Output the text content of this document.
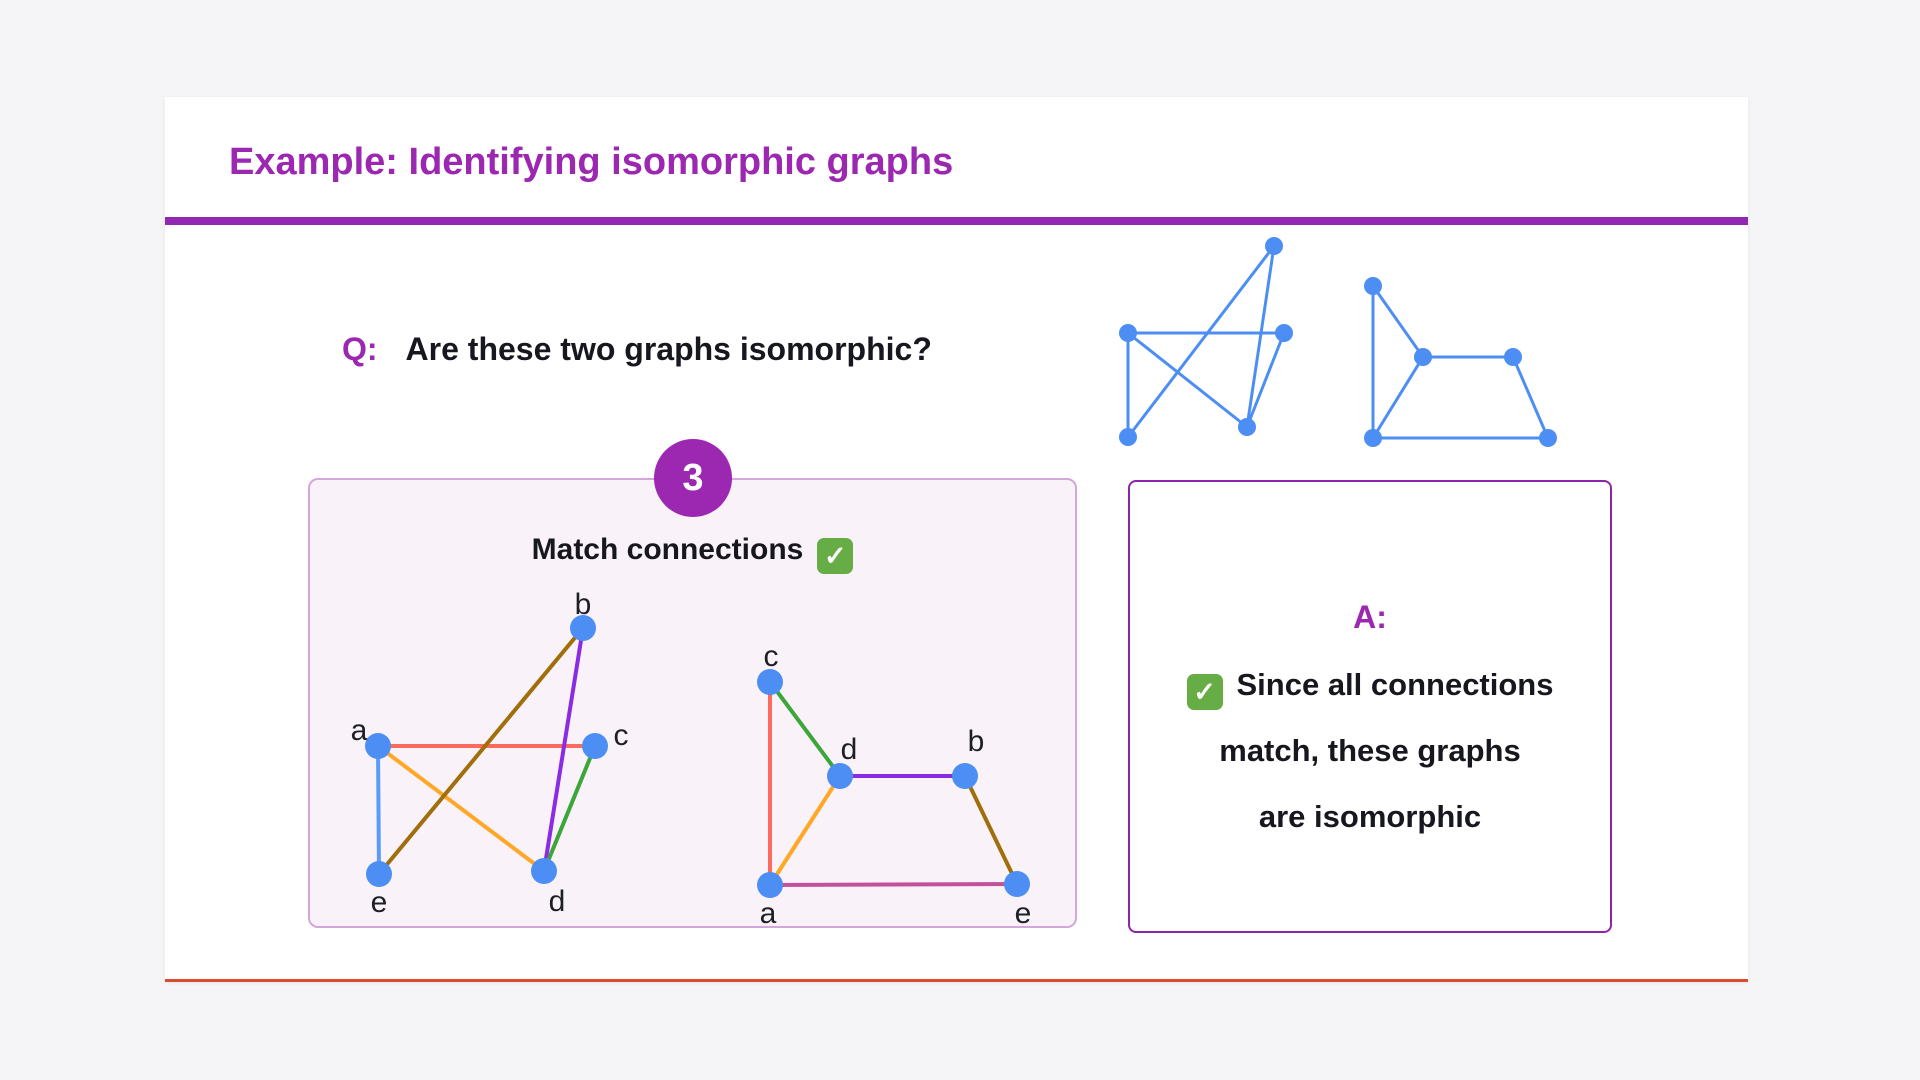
Example: Identifying isomorphic graphs
Q: Are these two graphs isomorphic?
3
Match connections ✓
b
a	c
e	d
c
d	b
a	e
A:
✓ Since all connections
match, these graphs
are isomorphic
